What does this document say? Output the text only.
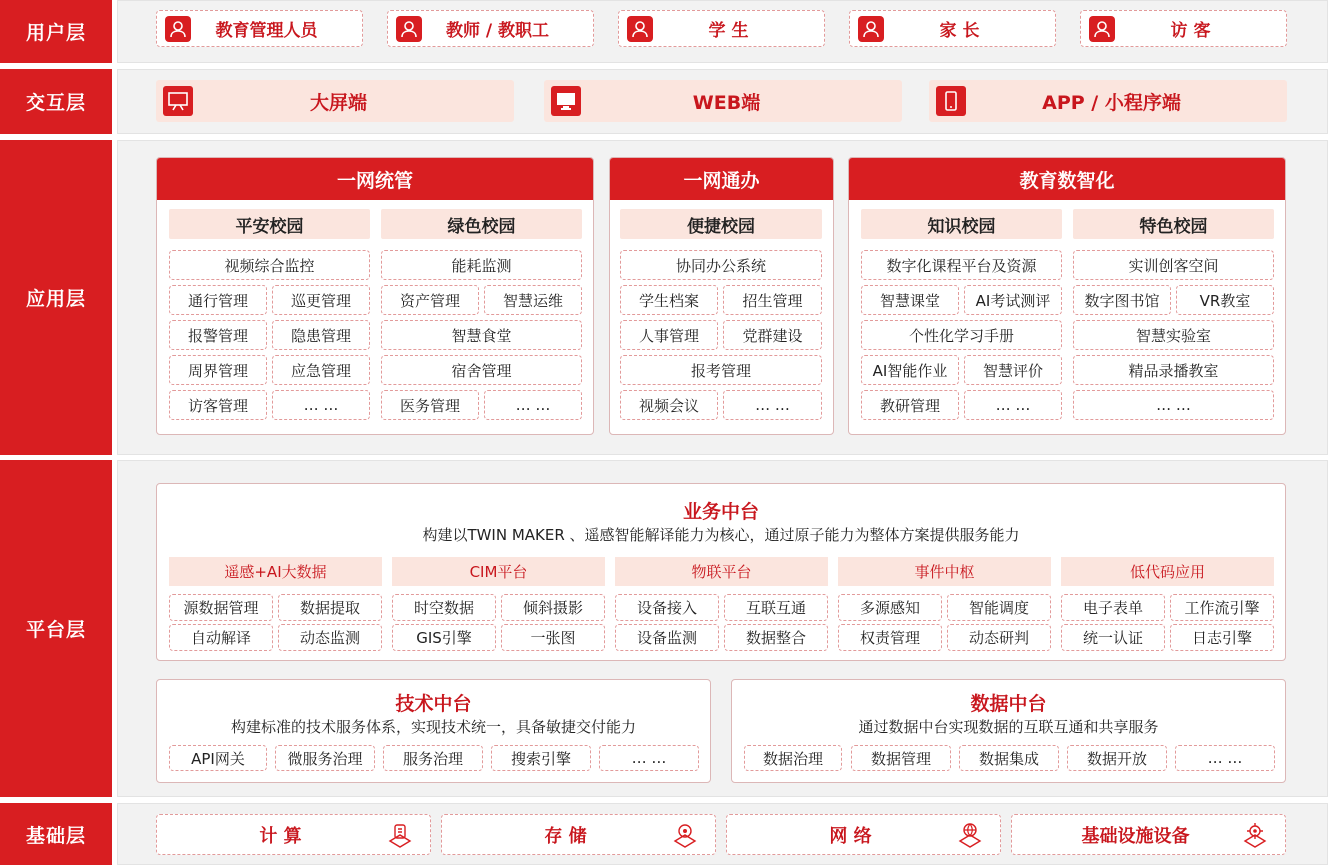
用户层	教育管理人员	教师 / 教职工	学 生	家 长	访 客
交互层	大屏端	WEB端	APP / 小程序端
应用层
一网统管
平安校园	绿色校园
视频综合监控
通行管理	巡更管理
报警管理	隐患管理
周界管理	应急管理
访客管理	… …
能耗监测
资产管理	智慧运维
智慧食堂
宿舍管理
医务管理	… …
一网通办
便捷校园
协同办公系统
学生档案	招生管理
人事管理	党群建设
报考管理
视频会议	… …
教育数智化
知识校园	特色校园
数字化课程平台及资源
智慧课堂	AI考试测评
个性化学习手册
AI智能作业	智慧评价
教研管理	… …
实训创客空间
数字图书馆	VR教室
智慧实验室
精品录播教室
… …
平台层
业务中台
构建以TWIN MAKER 、遥感智能解译能力为核心，通过原子能力为整体方案提供服务能力
遥感+AI大数据
源数据管理	数据提取
自动解译	动态监测
CIM平台
时空数据	倾斜摄影
GIS引擎	一张图
物联平台
设备接入	互联互通
设备监测	数据整合
事件中枢
多源感知	智能调度
权责管理	动态研判
低代码应用
电子表单	工作流引擎
统一认证	日志引擎
技术中台
构建标准的技术服务体系，实现技术统一，具备敏捷交付能力
API网关	微服务治理	服务治理	搜索引擎	… …
数据中台
通过数据中台实现数据的互联互通和共享服务
数据治理	数据管理	数据集成	数据开放	… …
基础层	计 算	存 储	网 络	基础设施设备
